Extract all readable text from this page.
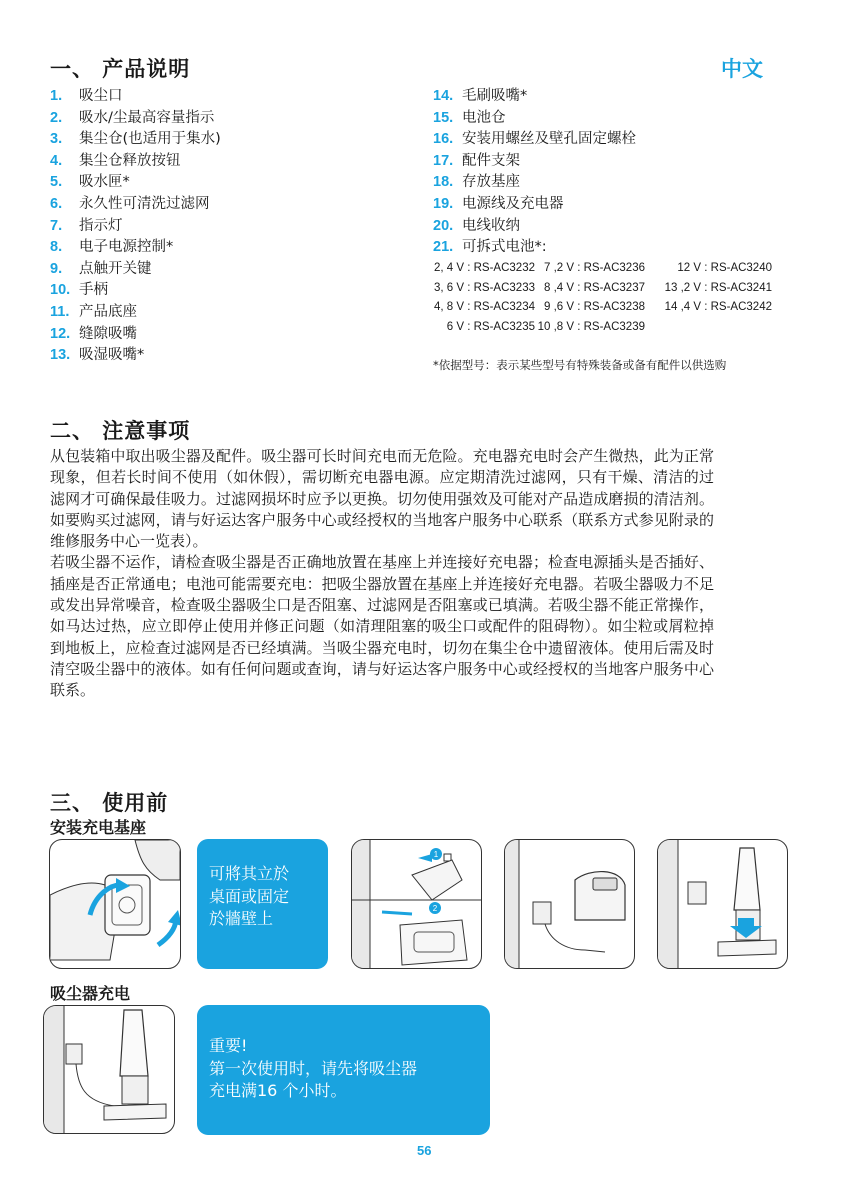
一、 产品说明	中文
1.	吸尘口
2.	吸水/尘最高容量指示
3.	集尘仓(也适用于集水)
4.	集尘仓释放按钮
5.	吸水匣*
6.	永久性可清洗过滤网
7.	指示灯
8.	电子电源控制*
9.	点触开关键
10. 手柄
11. 产品底座
12. 缝隙吸嘴
13. 吸湿吸嘴*
14. 毛刷吸嘴*
15. 电池仓
16. 安装用螺丝及壁孔固定螺栓
17. 配件支架
18. 存放基座
19. 电源线及充电器
20. 电线收纳
21. 可拆式电池*:
2, 4 V : RS-AC3232 7 ,2 V : RS-AC3236	12 V : RS-AC3240
3, 6 V : RS-AC3233 8 ,4 V : RS-AC3237	13 ,2 V : RS-AC3241
4, 8 V : RS-AC3234 9 ,6 V : RS-AC3238	14 ,4 V : RS-AC3242
6 V : RS-AC3235 10 ,8 V : RS-AC3239
*依据型号：表示某些型号有特殊装备或备有配件以供选购
二、 注意事项

从包装箱中取出吸尘器及配件。吸尘器可长时间充电而无危险。充电器充电时会产生微热，此为正常现象，但若长时间不使用（如休假），需切断充电器电源。应定期清洗过滤网，只有干燥、清洁的过滤网才可确保最佳吸力。过滤网损坏时应予以更换。切勿使用强效及可能对产品造成磨损的清洁剂。如要购买过滤网，请与好运达客户服务中心或经授权的当地客户服务中心联系（联系方式参见附录的维修服务中心一览表）。

若吸尘器不运作，请检查吸尘器是否正确地放置在基座上并连接好充电器；检查电源插头是否插好、插座是否正常通电；电池可能需要充电：把吸尘器放置在基座上并连接好充电器。若吸尘器吸力不足或发出异常噪音，检查吸尘器吸尘口是否阻塞、过滤网是否阻塞或已填满。若吸尘器不能正常操作，如马达过热，应立即停止使用并修正问题（如清理阻塞的吸尘口或配件的阻碍物）。如尘粒或屑粒掉到地板上，应检查过滤网是否已经填满。当吸尘器充电时，切勿在集尘仓中遗留液体。使用后需及时清空吸尘器中的液体。如有任何问题或查询，请与好运达客户服务中心或经授权的当地客户服务中心联系。

三、 使用前
安装充电基座
可將其立於
桌面或固定
於牆壁上
1
2
吸尘器充电
重要!
第一次使用时，请先将吸尘器
充电满16 个小时。
56
